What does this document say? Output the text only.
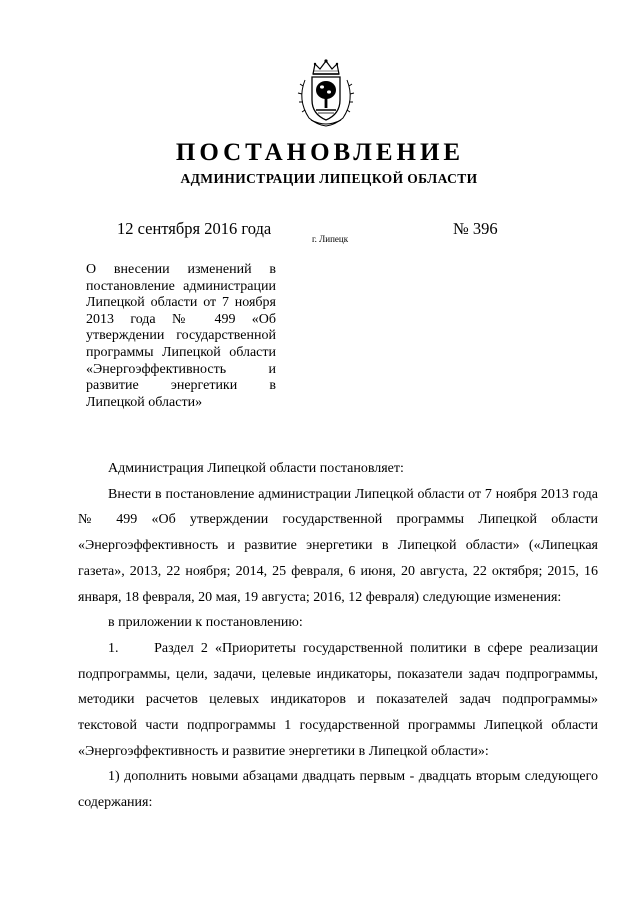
ПОСТАНОВЛЕНИЕ
АДМИНИСТРАЦИИ ЛИПЕЦКОЙ ОБЛАСТИ
12 сентября 2016 года
г. Липецк
№ 396

О внесении изменений в постановление администрации Липецкой области от 7 ноября 2013 года № 499 «Об утверждении государственной программы Липецкой области «Энергоэффективность и развитие энергетики в Липецкой области»

Администрация Липецкой области постановляет:

Внести в постановление администрации Липецкой области от 7 ноября 2013 года № 499 «Об утверждении государственной программы Липецкой области «Энергоэффективность и развитие энергетики в Липецкой области» («Липецкая газета», 2013, 22 ноября; 2014, 25 февраля, 6 июня, 20 августа, 22 октября; 2015, 16 января, 18 февраля, 20 мая, 19 августа; 2016, 12 февраля) следующие изменения:

в приложении к постановлению:

1.     Раздел 2 «Приоритеты государственной политики в сфере реализации подпрограммы, цели, задачи, целевые индикаторы, показатели задач подпрограммы, методики расчетов целевых индикаторов и показателей задач подпрограммы» текстовой части подпрограммы 1 государственной программы Липецкой области «Энергоэффективность и развитие энергетики в Липецкой области»:

1) дополнить новыми абзацами двадцать первым - двадцать вторым следующего содержания:
